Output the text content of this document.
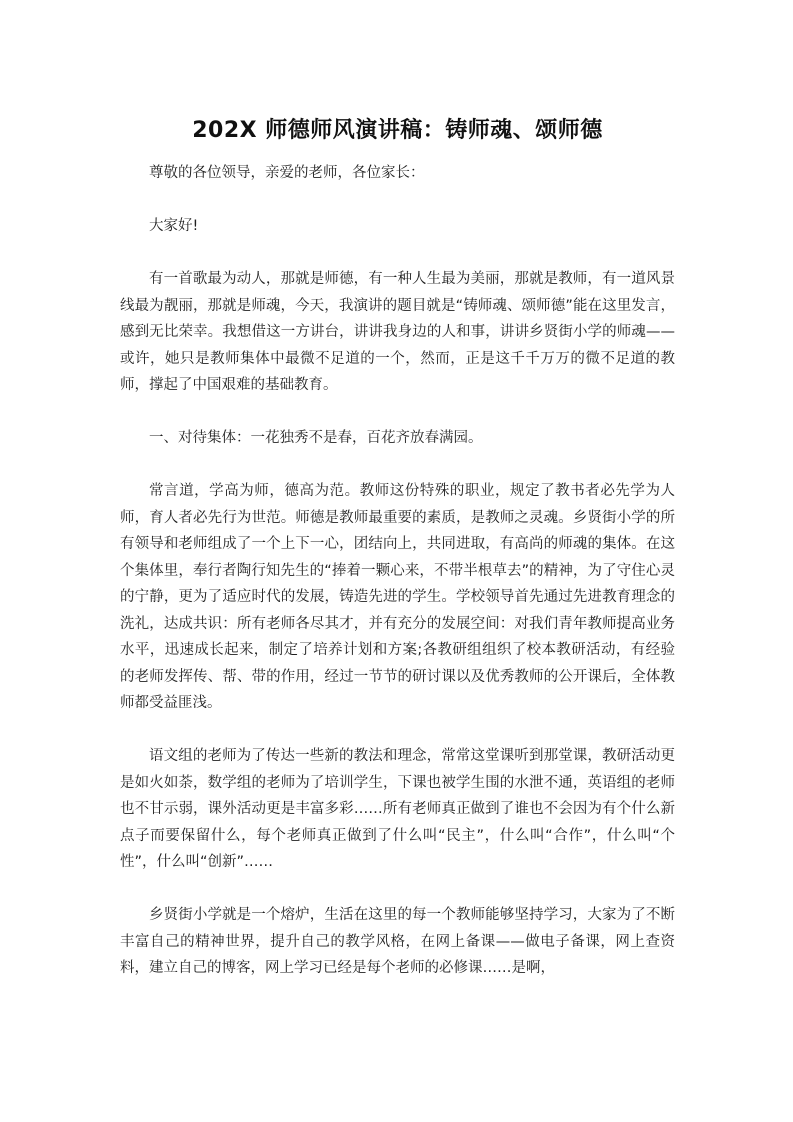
202X 师德师风演讲稿：铸师魂、颂师德

尊敬的各位领导，亲爱的老师，各位家长：

大家好!

有一首歌最为动人，那就是师德，有一种人生最为美丽，那就是教师，有一道风景线最为靓丽，那就是师魂，今天，我演讲的题目就是“铸师魂、颂师德”能在这里发言，感到无比荣幸。我想借这一方讲台，讲讲我身边的人和事，讲讲乡贤街小学的师魂——或许，她只是教师集体中最微不足道的一个，然而，正是这千千万万的微不足道的教师，撑起了中国艰难的基础教育。

一、对待集体：一花独秀不是春，百花齐放春满园。

常言道，学高为师，德高为范。教师这份特殊的职业，规定了教书者必先学为人师，育人者必先行为世范。师德是教师最重要的素质，是教师之灵魂。乡贤街小学的所有领导和老师组成了一个上下一心，团结向上，共同进取，有高尚的师魂的集体。在这个集体里，奉行者陶行知先生的“捧着一颗心来，不带半根草去”的精神，为了守住心灵的宁静，更为了适应时代的发展，铸造先进的学生。学校领导首先通过先进教育理念的洗礼，达成共识：所有老师各尽其才，并有充分的发展空间：对我们青年教师提高业务水平，迅速成长起来，制定了培养计划和方案;各教研组组织了校本教研活动，有经验的老师发挥传、帮、带的作用，经过一节节的研讨课以及优秀教师的公开课后，全体教师都受益匪浅。

语文组的老师为了传达一些新的教法和理念，常常这堂课听到那堂课，教研活动更是如火如荼，数学组的老师为了培训学生，下课也被学生围的水泄不通，英语组的老师也不甘示弱，课外活动更是丰富多彩……所有老师真正做到了谁也不会因为有个什么新点子而要保留什么，每个老师真正做到了什么叫“民主”，什么叫“合作”，什么叫“个性”，什么叫“创新”……

乡贤街小学就是一个熔炉，生活在这里的每一个教师能够坚持学习，大家为了不断丰富自己的精神世界，提升自己的教学风格，在网上备课——做电子备课，网上查资料，建立自己的博客，网上学习已经是每个老师的必修课……是啊，
